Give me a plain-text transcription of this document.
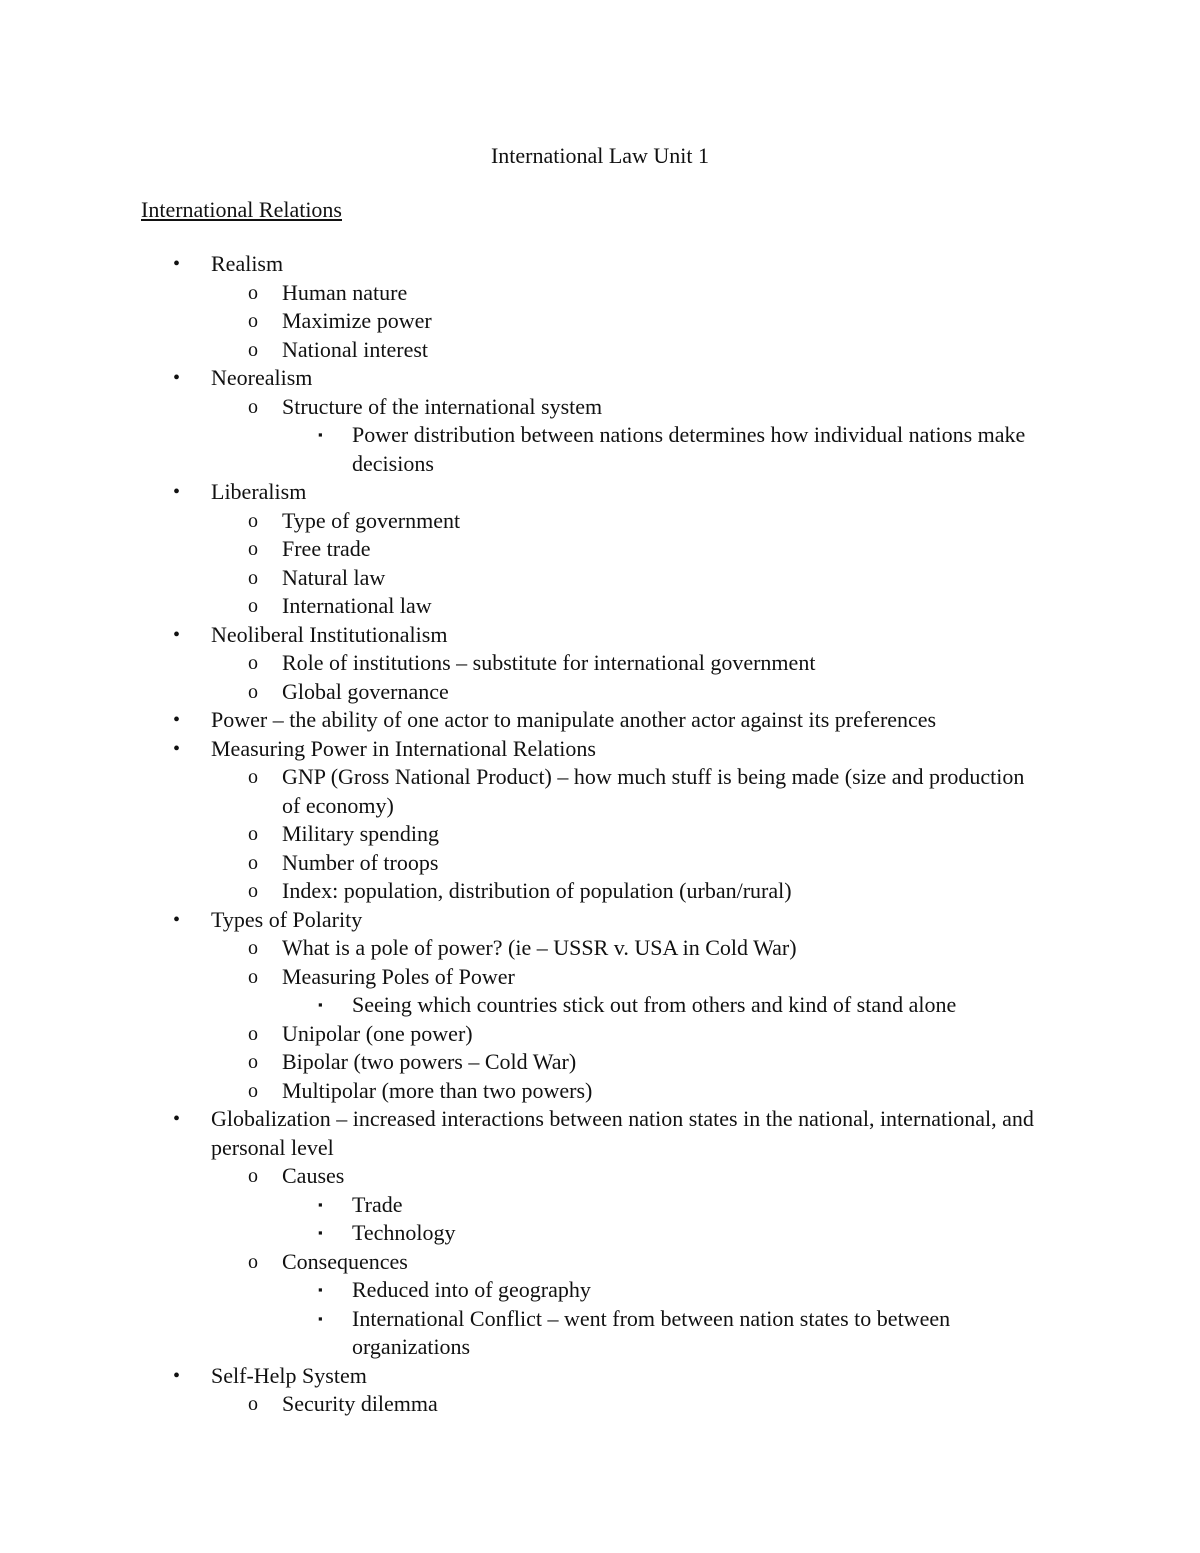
International Law Unit 1
International Relations
• Realism
o Human nature
o Maximize power
o National interest
• Neorealism
o Structure of the international system
▪ Power distribution between nations determines how individual nations make decisions
• Liberalism
o Type of government
o Free trade
o Natural law
o International law
• Neoliberal Institutionalism
o Role of institutions – substitute for international government
o Global governance
• Power – the ability of one actor to manipulate another actor against its preferences
• Measuring Power in International Relations
o GNP (Gross National Product) – how much stuff is being made (size and production of economy)
o Military spending
o Number of troops
o Index: population, distribution of population (urban/rural)
• Types of Polarity
o What is a pole of power? (ie – USSR v. USA in Cold War)
o Measuring Poles of Power
▪ Seeing which countries stick out from others and kind of stand alone
o Unipolar (one power)
o Bipolar (two powers – Cold War)
o Multipolar (more than two powers)
• Globalization – increased interactions between nation states in the national, international, and personal level
o Causes
▪ Trade
▪ Technology
o Consequences
▪ Reduced into of geography
▪ International Conflict – went from between nation states to between organizations
• Self-Help System
o Security dilemma
